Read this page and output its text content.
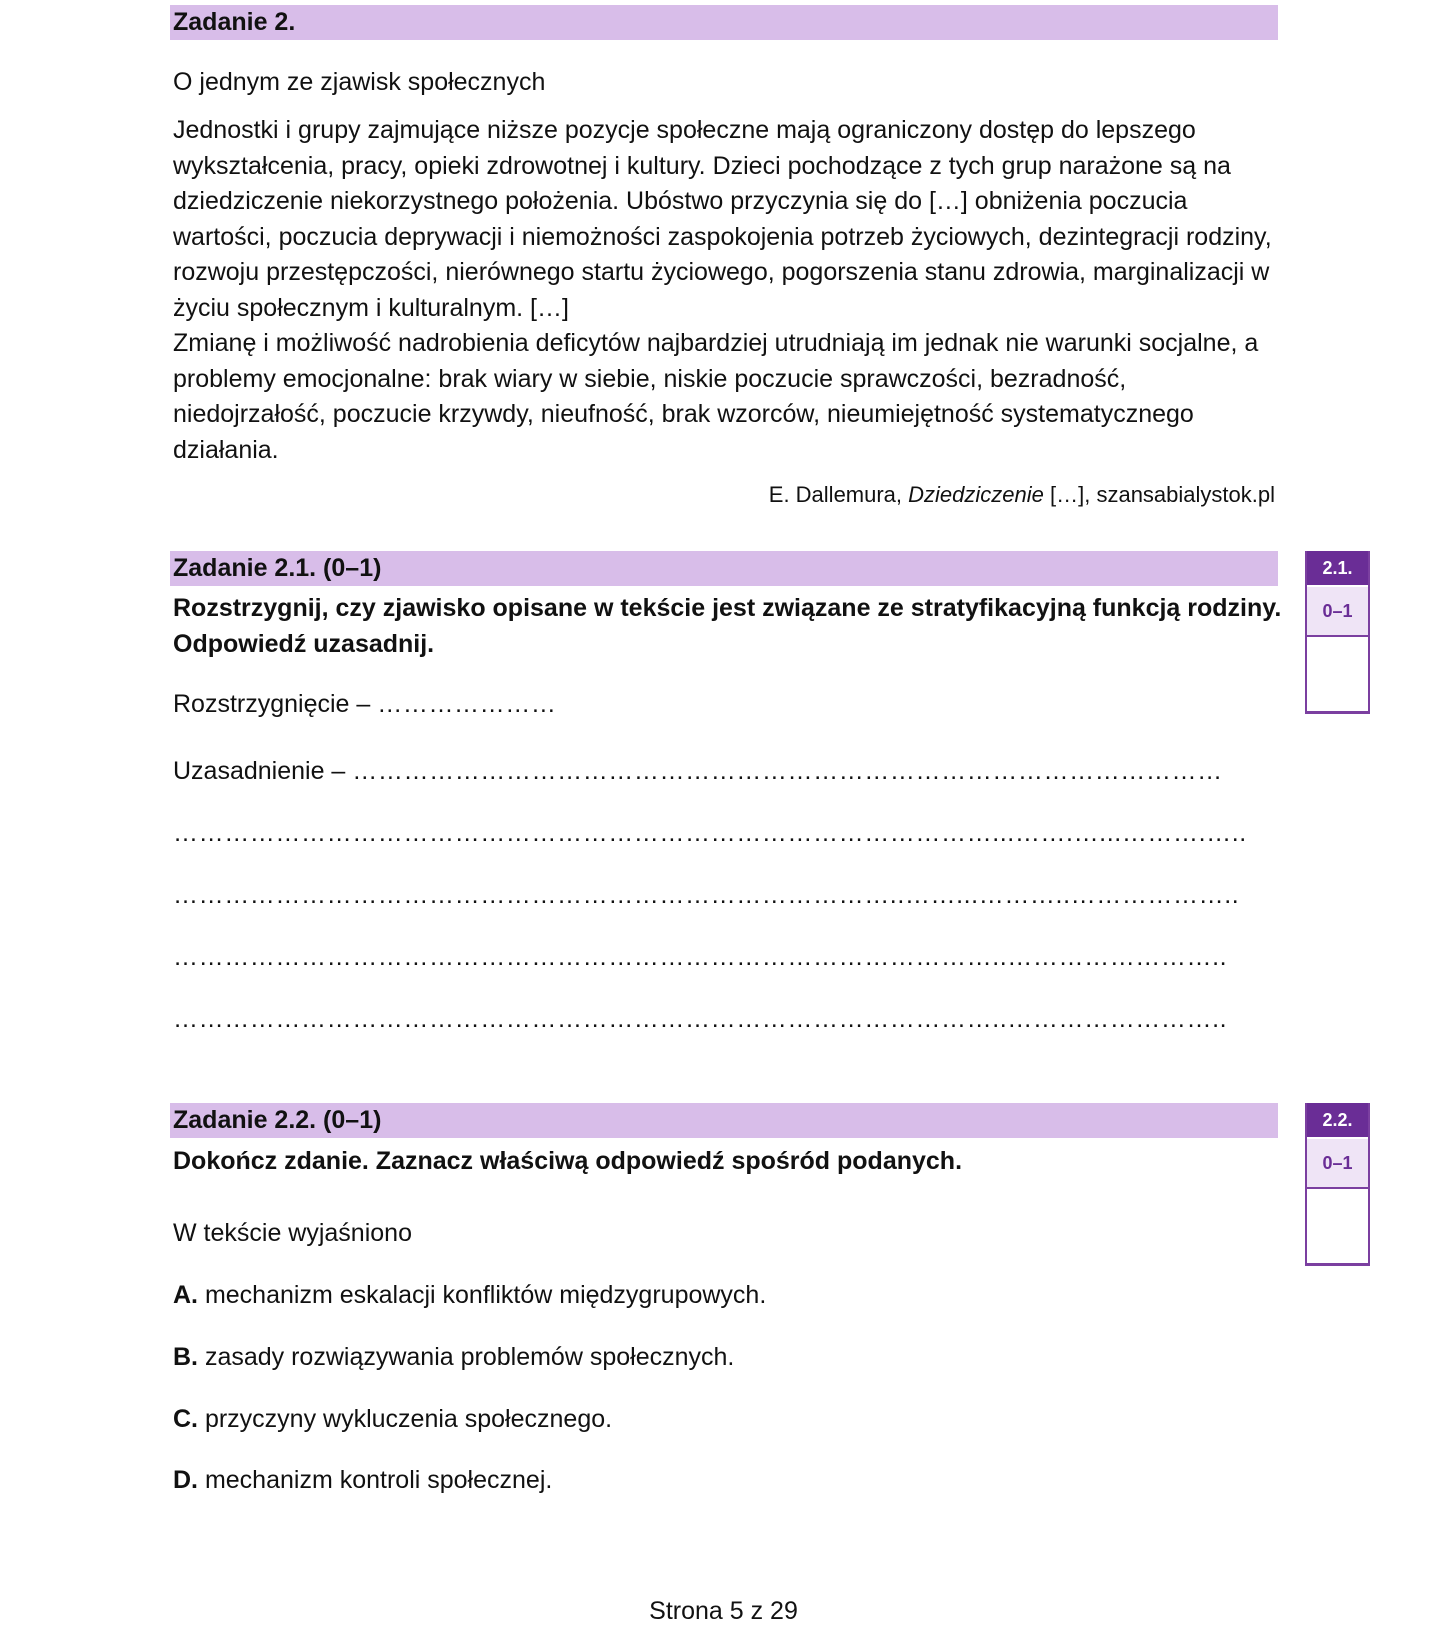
Zadanie 2.

O jednym ze zjawisk społecznych

Jednostki i grupy zajmujące niższe pozycje społeczne mają ograniczony dostęp do lepszego wykształcenia, pracy, opieki zdrowotnej i kultury. Dzieci pochodzące z tych grup narażone są na dziedziczenie niekorzystnego położenia. Ubóstwo przyczynia się do […] obniżenia poczucia wartości, poczucia deprywacji i niemożności zaspokojenia potrzeb życiowych, dezintegracji rodziny, rozwoju przestępczości, nierównego startu życiowego, pogorszenia stanu zdrowia, marginalizacji w życiu społecznym i kulturalnym. […]

Zmianę i możliwość nadrobienia deficytów najbardziej utrudniają im jednak nie warunki socjalne, a problemy emocjonalne: brak wiary w siebie, niskie poczucie sprawczości, bezradność, niedojrzałość, poczucie krzywdy, nieufność, brak wzorców, nieumiejętność systematycznego działania.

E. Dallemura, Dziedziczenie […], szansabialystok.pl
Zadanie 2.1. (0–1)

Rozstrzygnij, czy zjawisko opisane w tekście jest związane ze stratyfikacyjną funkcją rodziny. Odpowiedź uzasadnij.

Rozstrzygnięcie – …………………
Uzasadnienie – …………………………………………………………………………………………
……………………………………………………………………………………...…….…...……….…..
…………………………………………………………………………..……...………..………………..
……………………………………………………………………………………..……………………..
……………………………………………………………………………………..……………………..
2.1.
0–1
Zadanie 2.2. (0–1)

Dokończ zdanie. Zaznacz właściwą odpowiedź spośród podanych.

W tekście wyjaśniono

A. mechanizm eskalacji konfliktów międzygrupowych.
B. zasady rozwiązywania problemów społecznych.
C. przyczyny wykluczenia społecznego.
D. mechanizm kontroli społecznej.
2.2.
0–1
Strona 5 z 29
